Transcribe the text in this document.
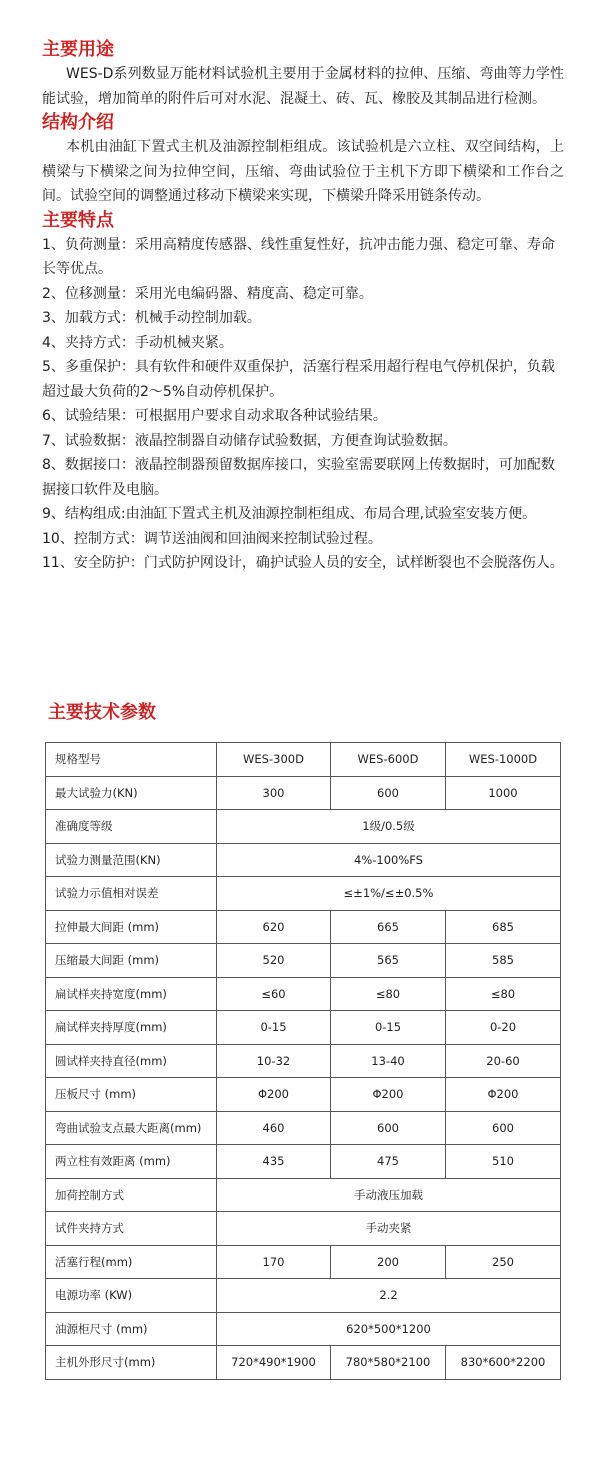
主要用途

WES-D系列数显万能材料试验机主要用于金属材料的拉伸、压缩、弯曲等力学性能试验，增加简单的附件后可对水泥、混凝土、砖、瓦、橡胶及其制品进行检测。

结构介绍

本机由油缸下置式主机及油源控制柜组成。该试验机是六立柱、双空间结构，上横梁与下横梁之间为拉伸空间，压缩、弯曲试验位于主机下方即下横梁和工作台之间。试验空间的调整通过移动下横梁来实现，下横梁升降采用链条传动。

主要特点

1、负荷测量：采用高精度传感器、线性重复性好，抗冲击能力强、稳定可靠、寿命长等优点。

2、位移测量：采用光电编码器、精度高、稳定可靠。

3、加载方式：机械手动控制加载。

4、夹持方式：手动机械夹紧。

5、多重保护：具有软件和硬件双重保护，活塞行程采用超行程电气停机保护，负载超过最大负荷的2～5%自动停机保护。

6、试验结果：可根据用户要求自动求取各种试验结果。

7、试验数据：液晶控制器自动储存试验数据，方便查询试验数据。

8、数据接口：液晶控制器预留数据库接口，实验室需要联网上传数据时，可加配数据接口软件及电脑。

9、结构组成:由油缸下置式主机及油源控制柜组成、布局合理,试验室安装方便。

10、控制方式：调节送油阀和回油阀来控制试验过程。

11、安全防护：门式防护网设计，确护试验人员的安全，试样断裂也不会脱落伤人。

主要技术参数
规格型号	WES-300D	WES-600D	WES-1000D
最大试验力(KN)	300	600	1000
准确度等级	1级/0.5级		
试验力测量范围(KN)	4%-100%FS		
试验力示值相对误差	≤±1%/≤±0.5%		
拉伸最大间距 (mm)	620	665	685
压缩最大间距 (mm)	520	565	585
扁试样夹持宽度(mm)	≤60	≤80	≤80
扁试样夹持厚度(mm)	0-15	0-15	0-20
圆试样夹持直径(mm)	10-32	13-40	20-60
压板尺寸 (mm)	Φ200	Φ200	Φ200
弯曲试验支点最大距离(mm)	460	600	600
两立柱有效距离 (mm)	435	475	510
加荷控制方式	手动液压加载		
试件夹持方式	手动夹紧		
活塞行程(mm)	170	200	250
电源功率 (KW)	2.2		
油源柜尺寸 (mm)	620*500*1200		
主机外形尺寸(mm)	720*490*1900	780*580*2100	830*600*2200
